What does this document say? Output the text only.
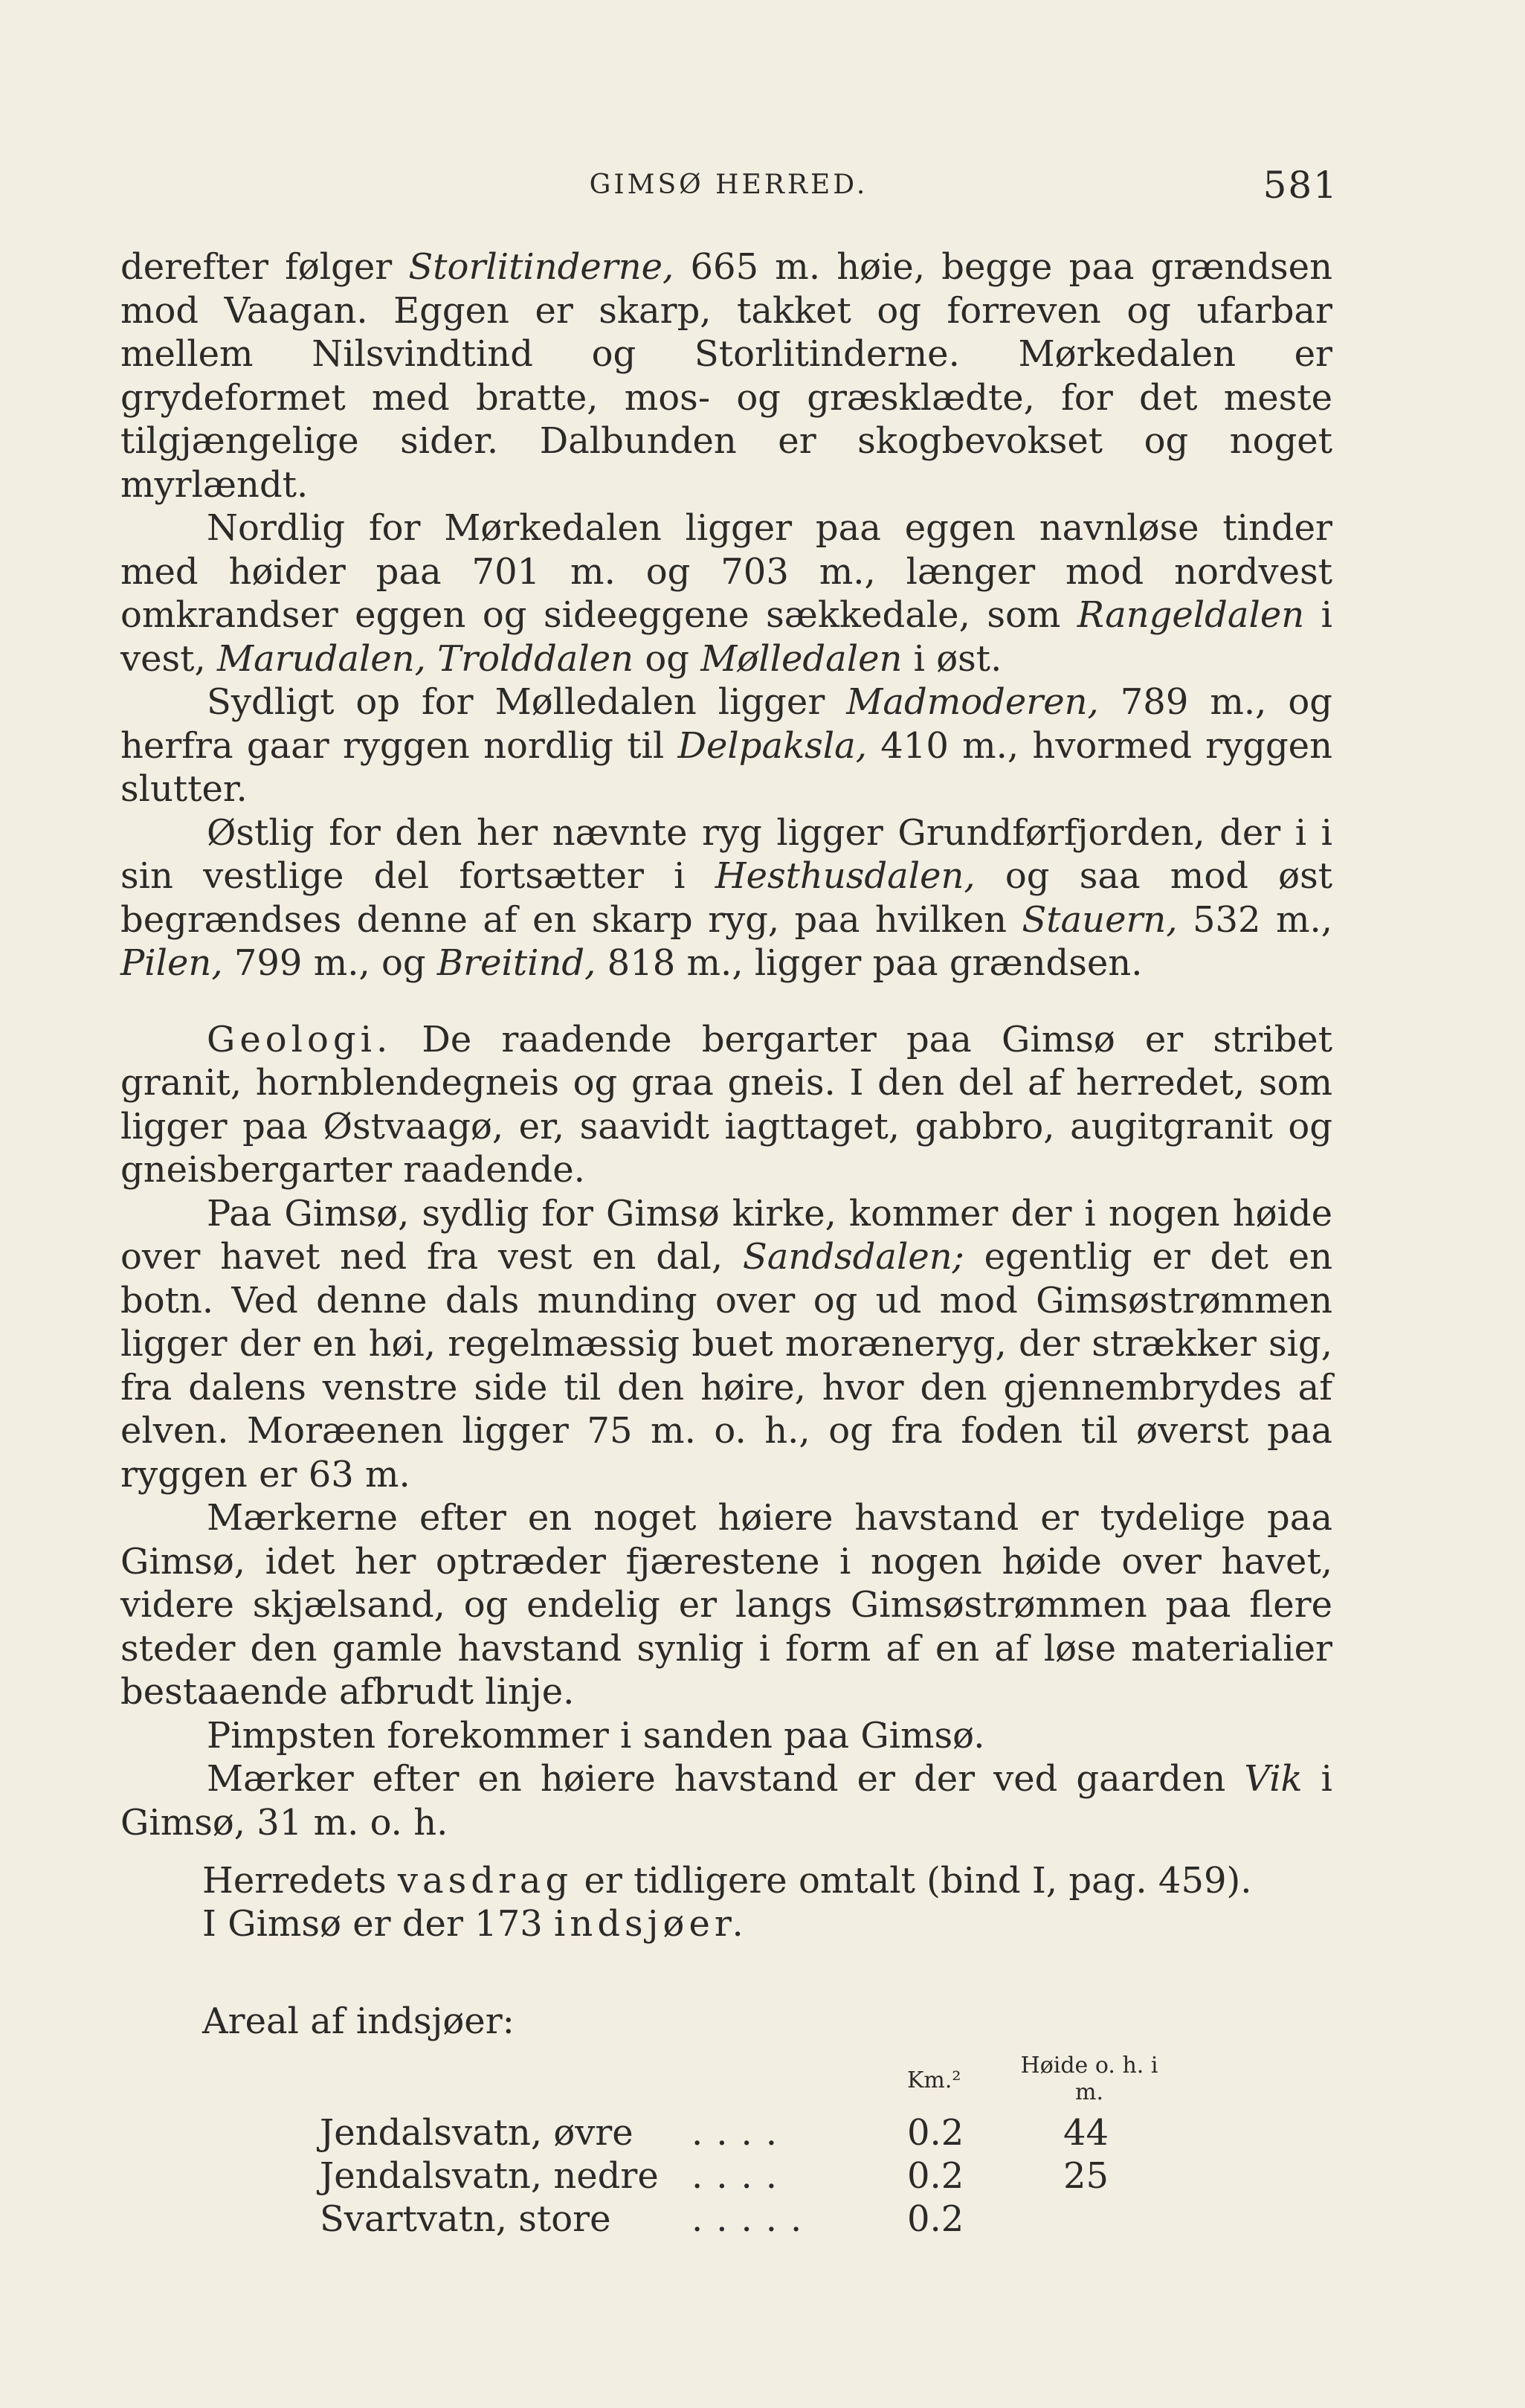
GIMSØ HERRED.	581

derefter følger Storlitinderne, 665 m. høie, begge paa grændsen mod Vaagan. Eggen er skarp, takket og forreven og ufarbar mellem Nilsvindtind og Storlitinderne. Mørkedalen er grydeformet med bratte, mos- og græsklædte, for det meste tilgjængelige sider. Dalbunden er skogbevokset og noget myrlændt.

Nordlig for Mørkedalen ligger paa eggen navnløse tinder med høider paa 701 m. og 703 m., længer mod nordvest omkrandser eggen og sideeggene sækkedale, som Rangeldalen i vest, Marudalen, Trolddalen og Mølledalen i øst.

Sydligt op for Mølledalen ligger Madmoderen, 789 m., og herfra gaar ryggen nordlig til Delpaksla, 410 m., hvormed ryggen slutter.

Østlig for den her nævnte ryg ligger Grundførfjorden, der i i sin vestlige del fortsætter i Hesthusdalen, og saa mod øst begrændses denne af en skarp ryg, paa hvilken Stauern, 532 m., Pilen, 799 m., og Breitind, 818 m., ligger paa grændsen.

Geologi. De raadende bergarter paa Gimsø er stribet granit, hornblendegneis og graa gneis. I den del af herredet, som ligger paa Østvaagø, er, saavidt iagttaget, gabbro, augitgranit og gneisbergarter raadende.

Paa Gimsø, sydlig for Gimsø kirke, kommer der i nogen høide over havet ned fra vest en dal, Sandsdalen; egentlig er det en botn. Ved denne dals munding over og ud mod Gimsøstrømmen ligger der en høi, regelmæssig buet moræneryg, der strækker sig, fra dalens venstre side til den høire, hvor den gjennembrydes af elven. Moræenen ligger 75 m. o. h., og fra foden til øverst paa ryggen er 63 m.

Mærkerne efter en noget høiere havstand er tydelige paa Gimsø, idet her optræder fjærestene i nogen høide over havet, videre skjælsand, og endelig er langs Gimsøstrømmen paa flere steder den gamle havstand synlig i form af en af løse materialier bestaaende afbrudt linje.

Pimpsten forekommer i sanden paa Gimsø.

Mærker efter en høiere havstand er der ved gaarden Vik i Gimsø, 31 m. o. h.

Herredets vasdrag er tidligere omtalt (bind I, pag. 459).
I Gimsø er der 173 indsjøer.
Areal af indsjøer:
Km.²
Høide o. h. i m.
Jendalsvatn, øvre ....	0.2	44
Jendalsvatn, nedre ....	0.2	25
Svartvatn, store .....	0.2
